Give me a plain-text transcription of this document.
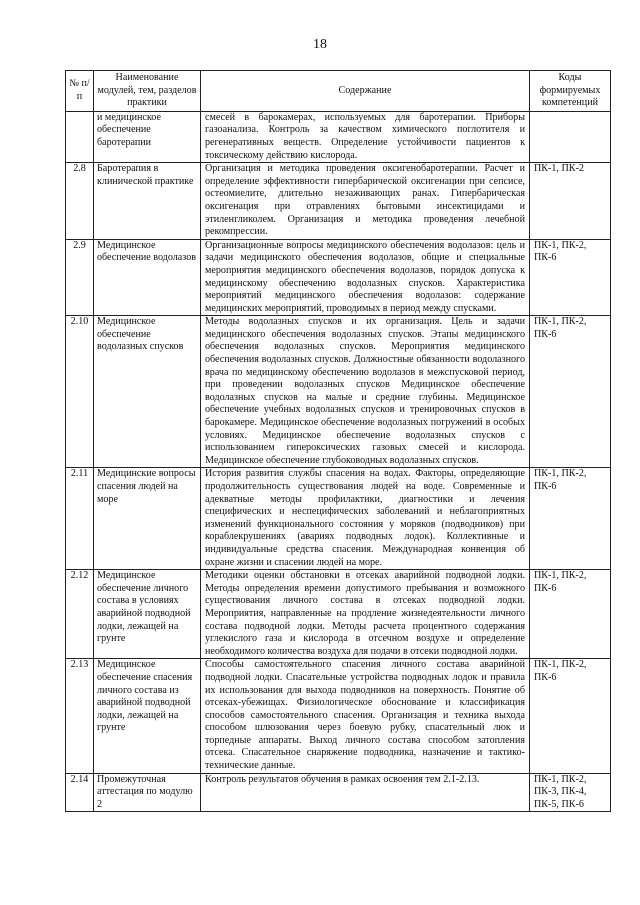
18
№ п/п	Наименование модулей, тем, разделов практики	Содержание	Коды формируемых компетенций
	и медицинское обеспечение баротерапии	смесей в барокамерах, используемых для баротерапии. Приборы газоанализа. Контроль за качеством химического поглотителя и регенеративных веществ. Определение устойчивости пациентов к токсическому действию кислорода.	
2.8	Баротерапия в клинической практике	Организация и методика проведения оксигенобаротерапии. Расчет и определение эффективности гипербарической оксигенации при сепсисе, остеомиелите, длительно незаживающих ранах. Гипербарическая оксигенация при отравлениях бытовыми инсектицидами и этиленгликолем. Организация и методика проведения лечебной рекомпрессии.	ПК-1, ПК-2
2.9	Медицинское обеспечение водолазов	Организационные вопросы медицинского обеспечения водолазов: цель и задачи медицинского обеспечения водолазов, общие и специальные мероприятия медицинского обеспечения водолазов, порядок допуска к медицинскому обеспечению водолазных спусков. Характеристика мероприятий медицинского обеспечения водолазов: содержание медицинских мероприятий, проводимых в период между спусками.	ПК-1, ПК-2, ПК-6
2.10	Медицинское обеспечение водолазных спусков	Методы водолазных спусков и их организация. Цель и задачи медицинского обеспечения водолазных спусков. Этапы медицинского обеспечения водолазных спусков. Мероприятия медицинского обеспечения водолазных спусков. Должностные обязанности водолазного врача по медицинскому обеспечению водолазов в межспусковой период, при проведении водолазных спусков Медицинское обеспечение водолазных спусков на малые и средние глубины. Медицинское обеспечение учебных водолазных спусков и тренировочных спусков в барокамере. Медицинское обеспечение водолазных погружений в особых условиях. Медицинское обеспечение водолазных спусков с использованием гипероксических газовых смесей и кислорода. Медицинское обеспечение глубоководных водолазных спусков.	ПК-1, ПК-2, ПК-6
2.11	Медицинские вопросы спасения людей на море	История развития службы спасения на водах. Факторы, определяющие продолжительность существования людей на воде. Современные и адекватные методы профилактики, диагностики и лечения специфических и неспецифических заболеваний и неблагоприятных изменений функционального состояния у моряков (подводников) при кораблекрушениях (авариях подводных лодок). Коллективные и индивидуальные средства спасения. Международная конвенция об охране жизни и спасении людей на море.	ПК-1, ПК-2, ПК-6
2.12	Медицинское обеспечение личного состава в условиях аварийной подводной лодки, лежащей на грунте	Методики оценки обстановки в отсеках аварийной подводной лодки. Методы определения времени допустимого пребывания и возможного существования личного состава в отсеках подводной лодки. Мероприятия, направленные на продление жизнедеятельности личного состава подводной лодки. Методы расчета процентного содержания углекислого газа и кислорода в отсечном воздухе и определение необходимого количества воздуха для подачи в отсеки подводной лодки.	ПК-1, ПК-2, ПК-6
2.13	Медицинское обеспечение спасения личного состава из аварийной подводной лодки, лежащей на грунте	Способы самостоятельного спасения личного состава аварийной подводной лодки. Спасательные устройства подводных лодок и правила их использования для выхода подводников на поверхность. Понятие об отсеках-убежищах. Физиологическое обоснование и классификация способов самостоятельного спасения. Организация и техника выхода способом шлюзования через боевую рубку, спасательный люк и торпедные аппараты. Выход личного состава способом затопления отсека. Спасательное снаряжение подводника, назначение и тактико-технические данные.	ПК-1, ПК-2, ПК-6
2.14	Промежуточная аттестация по модулю 2	Контроль результатов обучения в рамках освоения тем 2.1-2.13.	ПК-1, ПК-2, ПК-3, ПК-4, ПК-5, ПК-6
